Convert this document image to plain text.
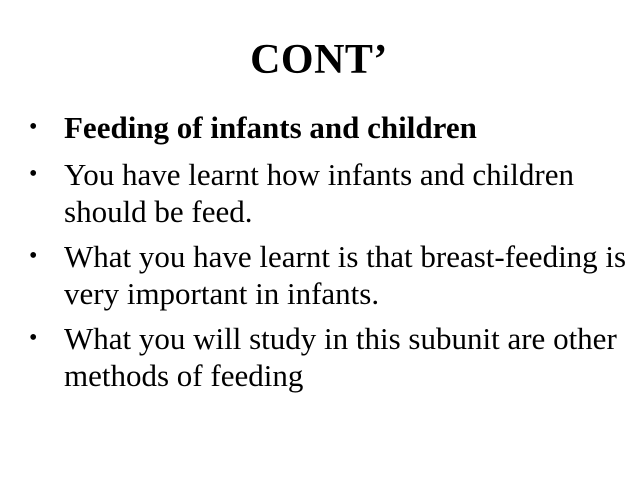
CONT’
• Feeding of infants and children
• You have learnt how infants and children should be feed.
• What you have learnt is that breast-feeding is very important in infants.
• What you will study in this subunit are other methods of feeding
